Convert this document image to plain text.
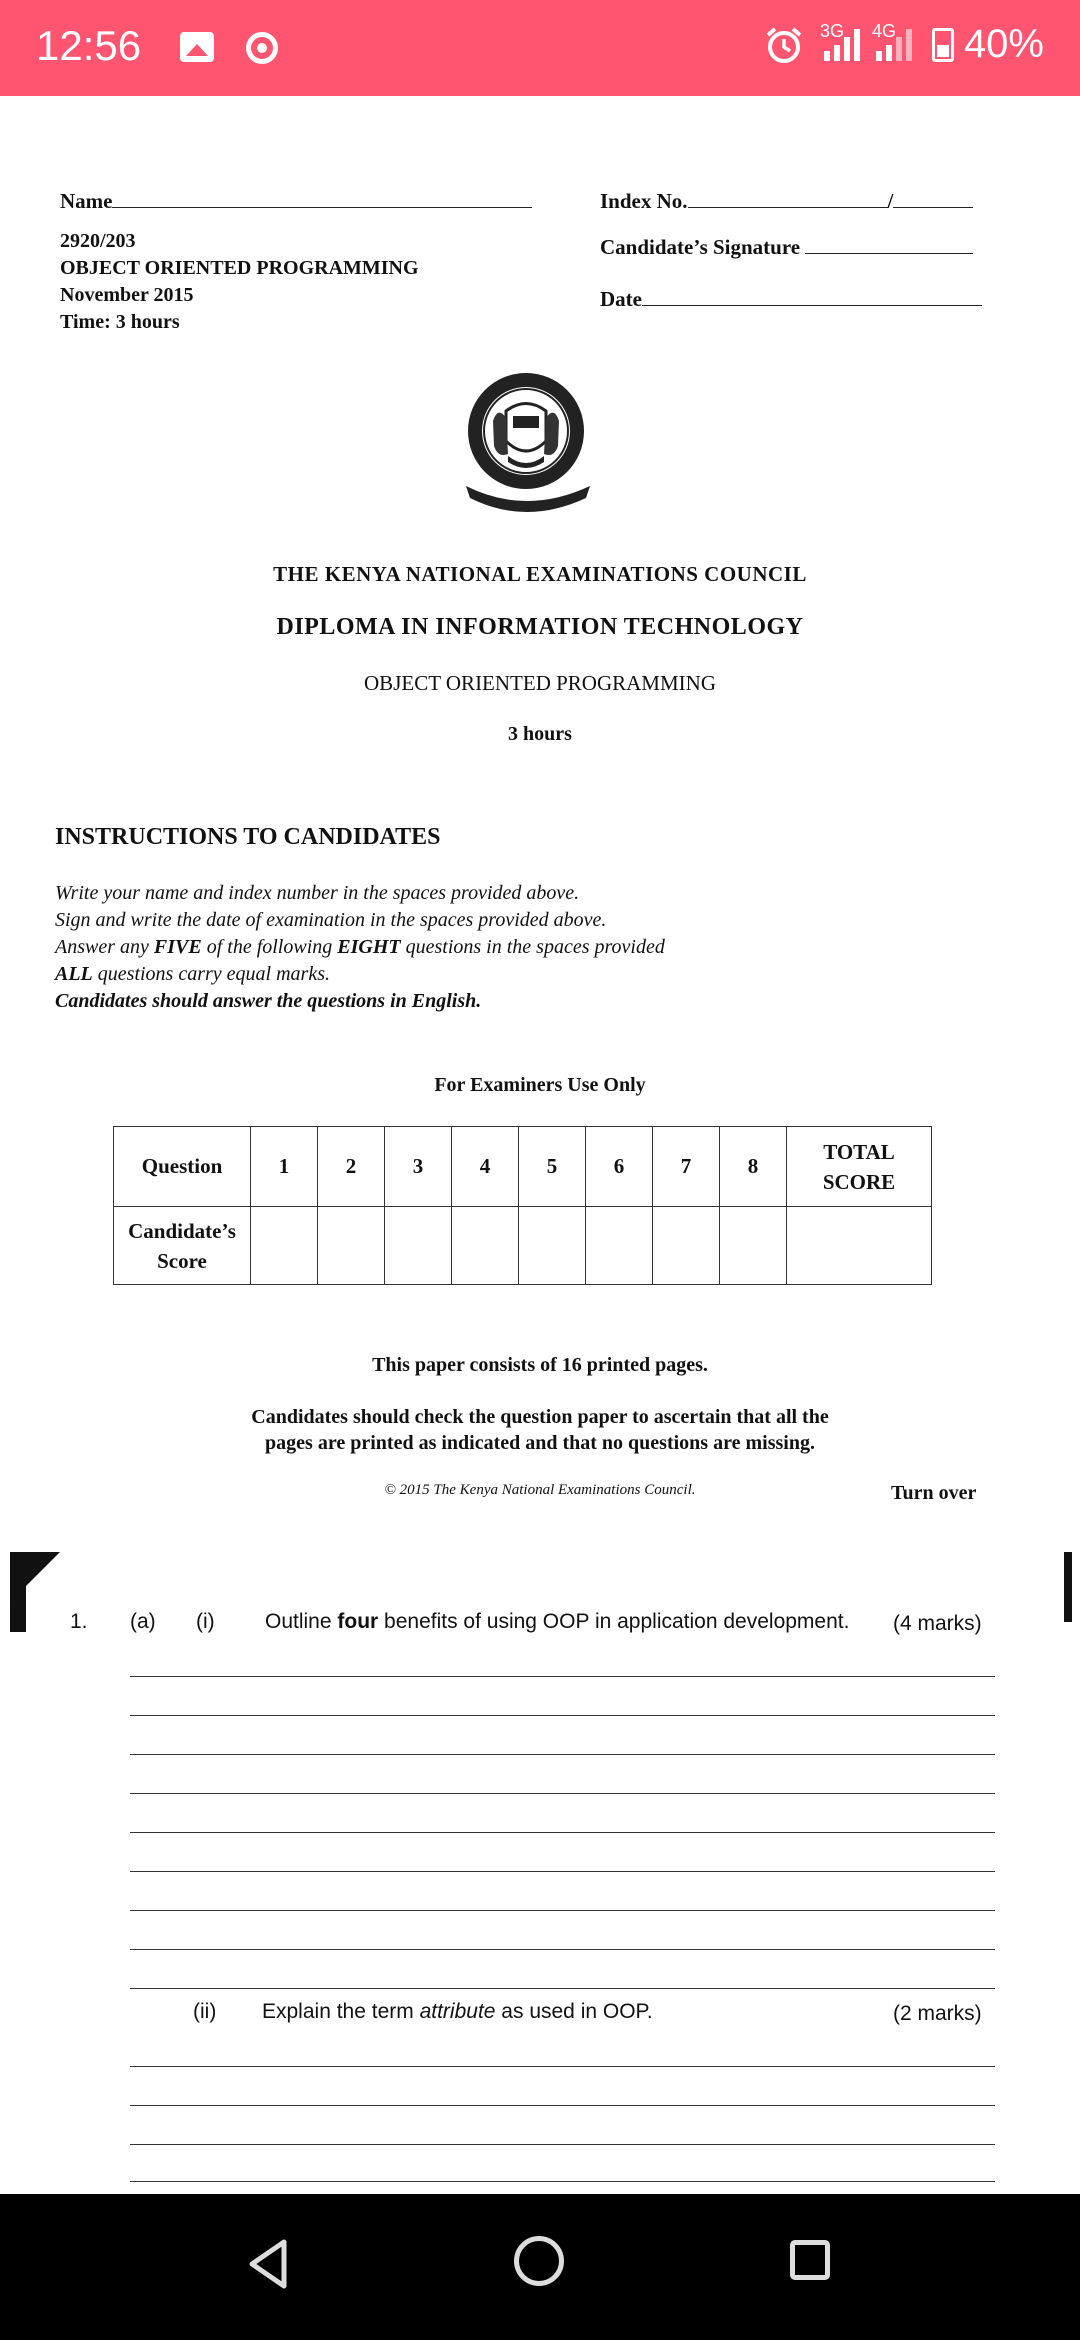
12:56	3G 4G 40%
Name
2920/203
OBJECT ORIENTED PROGRAMMING
November 2015
Time: 3 hours
Index No.	/
Candidate’s Signature
Date
THE KENYA NATIONAL EXAMINATIONS COUNCIL
DIPLOMA IN INFORMATION TECHNOLOGY
OBJECT ORIENTED PROGRAMMING
3 hours
INSTRUCTIONS TO CANDIDATES
Write your name and index number in the spaces provided above.
Sign and write the date of examination in the spaces provided above.
Answer any FIVE of the following EIGHT questions in the spaces provided
ALL questions carry equal marks.
Candidates should answer the questions in English.
For Examiners Use Only
Question	1	2	3	4	5	6	7	8	TOTAL
SCORE
Candidate’s
Score									
This paper consists of 16 printed pages.
Candidates should check the question paper to ascertain that all the
pages are printed as indicated and that no questions are missing.
© 2015 The Kenya National Examinations Council.	Turn over
1. (a) (i) Outline four benefits of using OOP in application development. (4 marks)
(ii) Explain the term attribute as used in OOP.	(2 marks)
